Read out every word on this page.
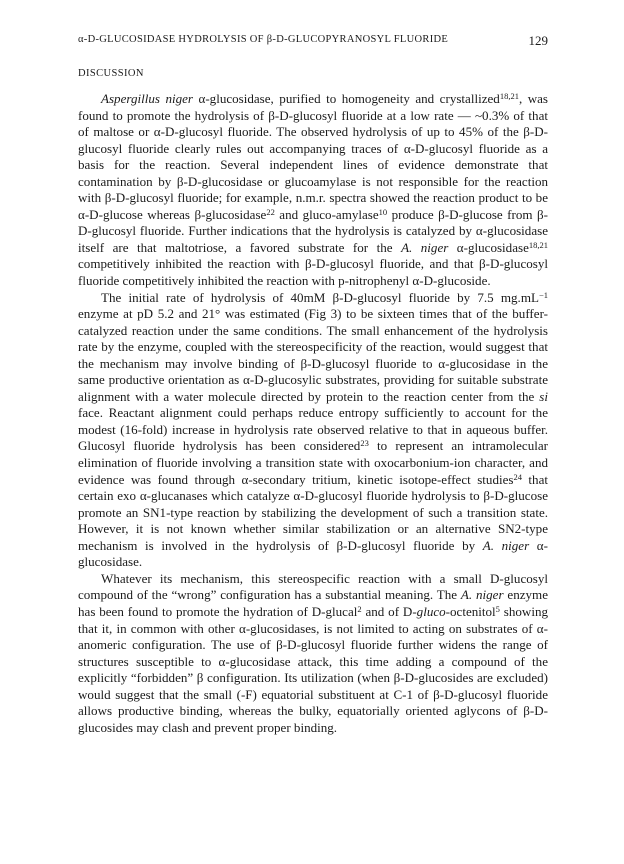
α-D-GLUCOSIDASE HYDROLYSIS OF β-D-GLUCOPYRANOSYL FLUORIDE	129
DISCUSSION

Aspergillus niger α-glucosidase, purified to homogeneity and crystallized$^{18,21}$, was found to promote the hydrolysis of β-D-glucosyl fluoride at a low rate — ~0.3% of that of maltose or α-D-glucosyl fluoride. The observed hydrolysis of up to 45% of the β-D-glucosyl fluoride clearly rules out accompanying traces of α-D-glucosyl fluoride as a basis for the reaction. Several independent lines of evidence demonstrate that contamination by β-D-glucosidase or glucoamylase is not responsible for the reaction with β-D-glucosyl fluoride; for example, n.m.r. spectra showed the reaction product to be α-D-glucose whereas β-glucosidase$^{22}$ and gluco-amylase$^{10}$ produce β-D-glucose from β-D-glucosyl fluoride. Further indications that the hydrolysis is catalyzed by α-glucosidase itself are that maltotriose, a favored substrate for the A. niger α-glucosidase$^{18,21}$ competitively inhibited the reaction with β-D-glucosyl fluoride, and that β-D-glucosyl fluoride competitively inhibited the reaction with p-nitrophenyl α-D-glucoside.

The initial rate of hydrolysis of 40mM β-D-glucosyl fluoride by 7.5 $mg.mL^{-1}$ enzyme at pD 5.2 and 21° was estimated (Fig 3) to be sixteen times that of the buffer-catalyzed reaction under the same conditions. The small enhancement of the hydrolysis rate by the enzyme, coupled with the stereospecificity of the reaction, would suggest that the mechanism may involve binding of β-D-glucosyl fluoride to α-glucosidase in the same productive orientation as α-D-glucosylic substrates, providing for suitable substrate alignment with a water molecule directed by protein to the reaction center from the si face. Reactant alignment could perhaps reduce entropy sufficiently to account for the modest (16-fold) increase in hydrolysis rate observed relative to that in aqueous buffer. Glucosyl fluoride hydrolysis has been considered$^{23}$ to represent an intramolecular elimination of fluoride involving a transition state with oxocarbonium-ion character, and evidence was found through α-secondary tritium, kinetic isotope-effect studies$^{24}$ that certain exo α-glucanases which catalyze α-D-glucosyl fluoride hydrolysis to β-D-glucose promote an SN1-type reaction by stabilizing the development of such a transition state. However, it is not known whether similar stabilization or an alternative SN2-type mechanism is involved in the hydrolysis of β-D-glucosyl fluoride by A. niger α-glucosidase.

Whatever its mechanism, this stereospecific reaction with a small D-glucosyl compound of the “wrong” configuration has a substantial meaning. The A. niger enzyme has been found to promote the hydration of D-glucal$^2$ and of D-gluco-octenitol$^5$ showing that it, in common with other α-glucosidases, is not limited to acting on substrates of α-anomeric configuration. The use of β-D-glucosyl fluoride further widens the range of structures susceptible to α-glucosidase attack, this time adding a compound of the explicitly “forbidden” β configuration. Its utilization (when β-D-glucosides are excluded) would suggest that the small (-F) equatorial substituent at C-1 of β-D-glucosyl fluoride allows productive binding, whereas the bulky, equatorially oriented aglycons of β-D-glucosides may clash and prevent proper binding.
